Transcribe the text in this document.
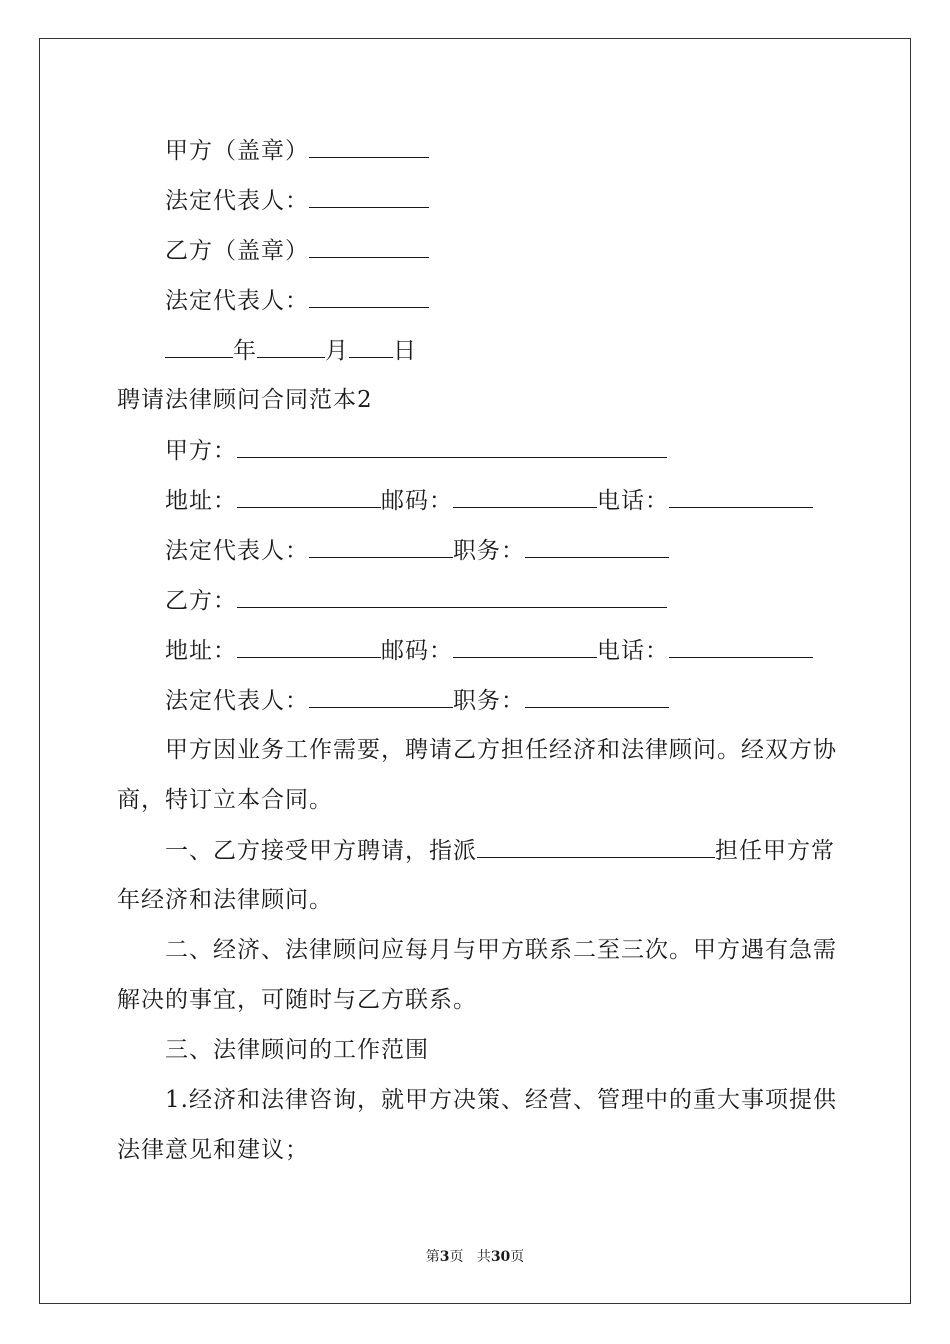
甲方（盖章）
法定代表人：
乙方（盖章）
法定代表人：
年	月 日
聘请法律顾问合同范本2
甲方：
地址：	邮码：	电话：
法定代表人：	职务：
乙方：
地址：	邮码：	电话：
法定代表人：	职务：
甲方因业务工作需要，聘请乙方担任经济和法律顾问。经双方协
商，特订立本合同。
一、乙方接受甲方聘请，指派	担任甲方常
年经济和法律顾问。
二、经济、法律顾问应每月与甲方联系二至三次。甲方遇有急需
解决的事宜，可随时与乙方联系。
三、法律顾问的工作范围
1.经济和法律咨询，就甲方决策、经营、管理中的重大事项提供
法律意见和建议；
第3页 共30页
